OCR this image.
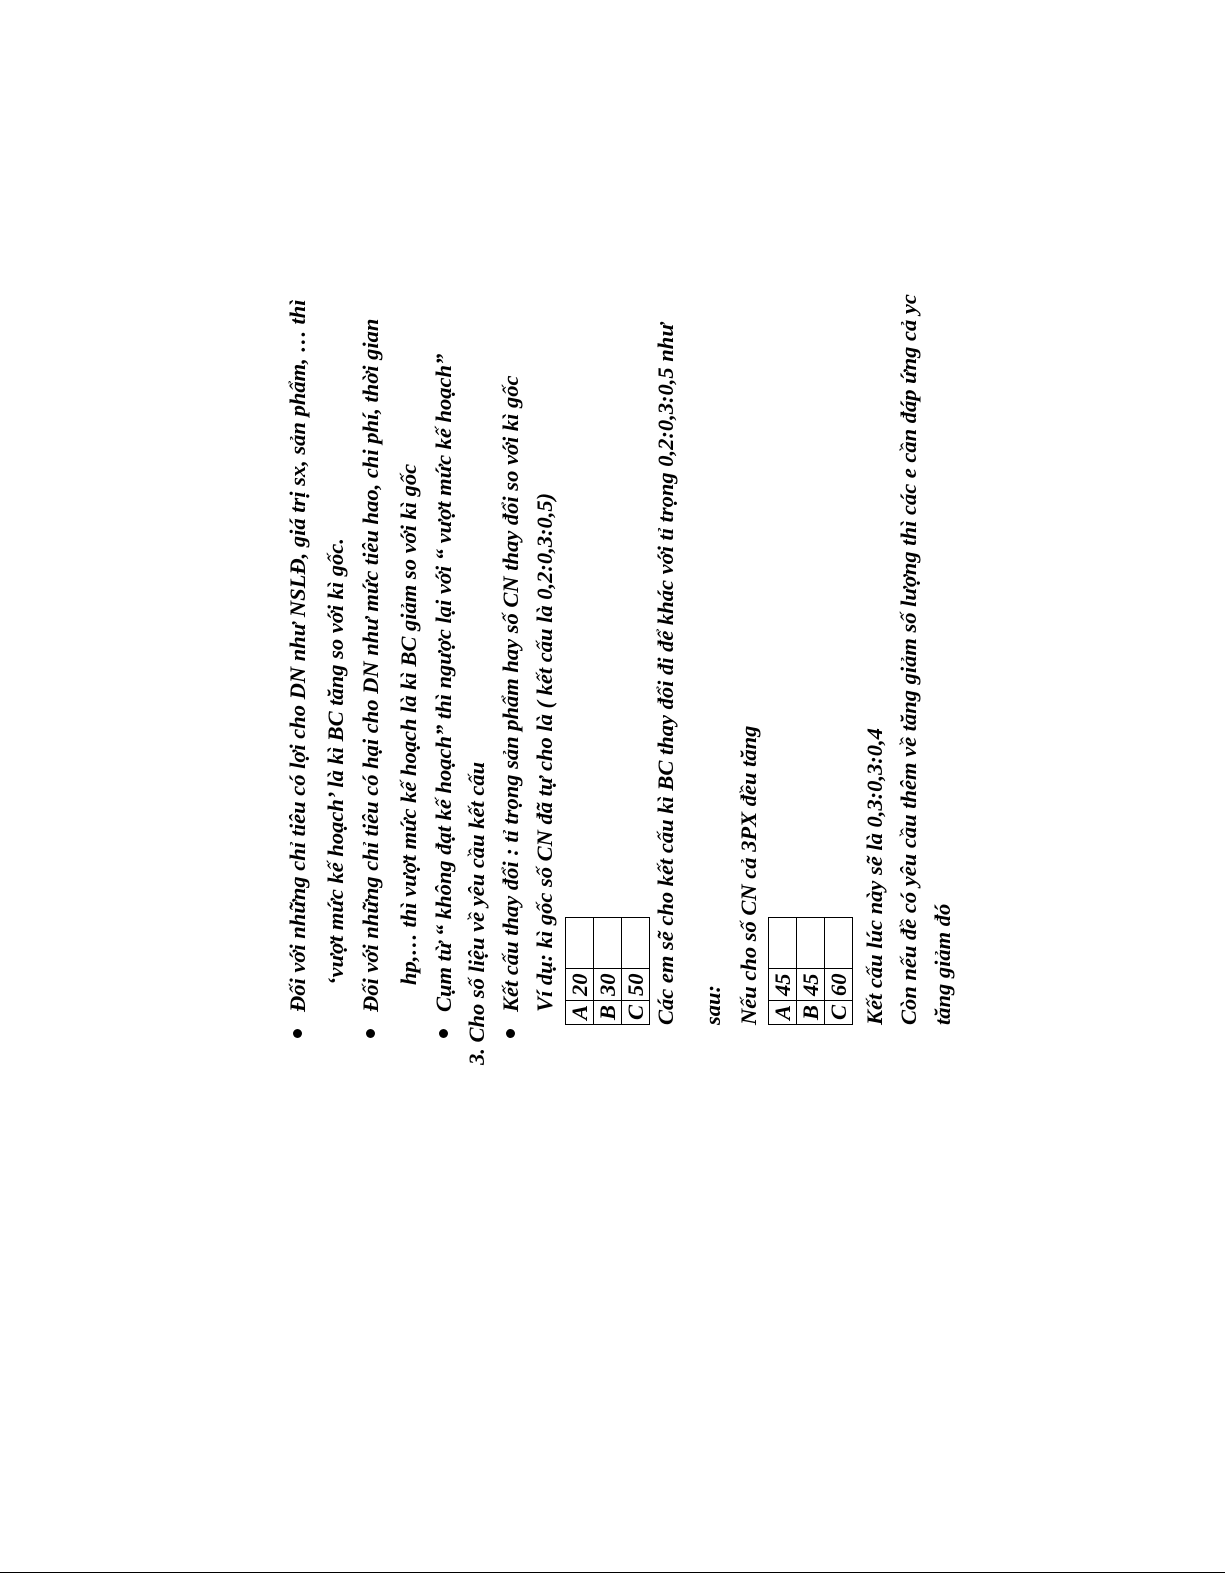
Đối với những chỉ tiêu có lợi cho DN như NSLĐ, giá trị sx, sản phẩm, … thì ‘vượt mức kế hoạch’ là kì BC tăng so với kì gốc. Đối với những chỉ tiêu có hại cho DN như mức tiêu hao, chi phí, thời gian hp,… thì vượt mức kế hoạch là kì BC giảm so với kì gốc Cụm từ “ không đạt kế hoạch” thì ngược lại với “ vượt mức kế hoạch” 3. Cho số liệu về yêu cầu kết cấu Kết cấu thay đổi : tỉ trọng sản phẩm hay số CN thay đổi so với kì gốc Ví dụ: kì gốc số CN đã tự cho là ( kết cấu là 0,2:0,3:0,5)
A	20	
B	30	
C	50	Các em sẽ cho kết cấu kì BC thay đổi đi để khác với tỉ trọng 0,2:0,3:0,5 như sau: Nếu cho số CN cả 3PX đều tăng A	45	
B	45	
C	60	Kết cấu lúc này sẽ là 0,3:0,3:0,4 Còn nếu đề có yêu cầu thêm về tăng giảm số lượng thì các e cần đáp ứng cả yc tăng giảm đó
